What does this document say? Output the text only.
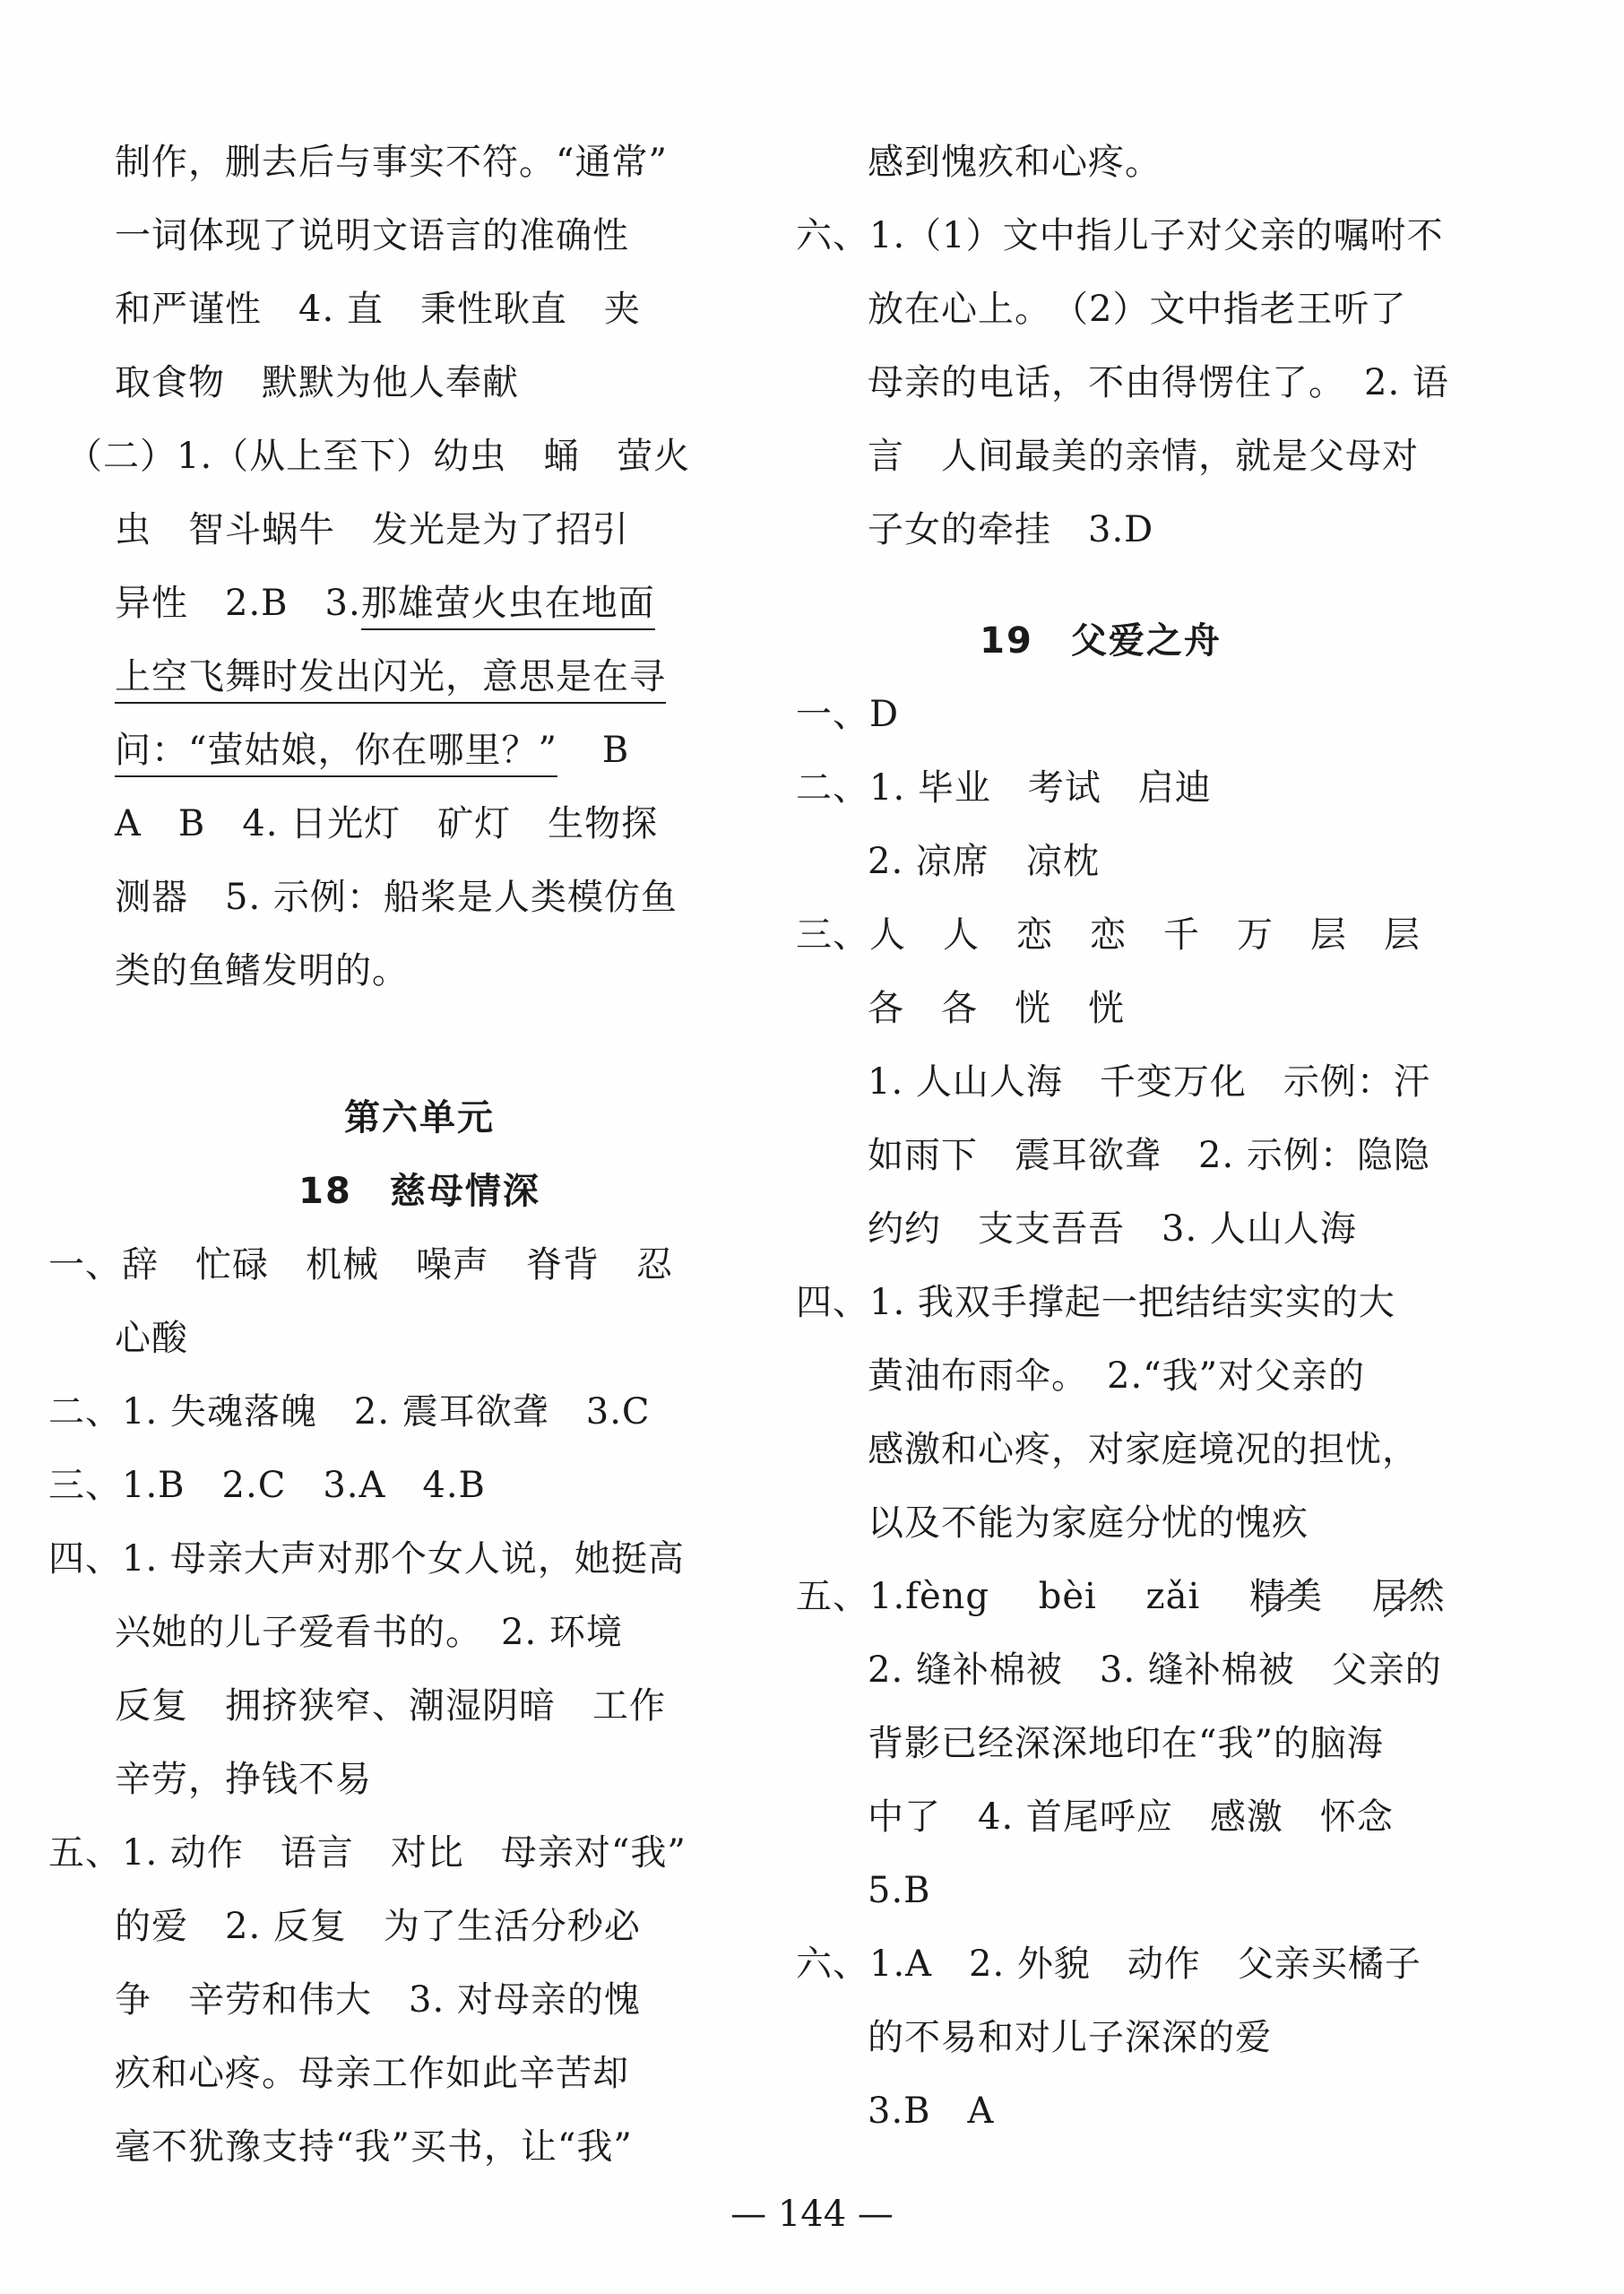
制作，删去后与事实不符。“通常”
一词体现了说明文语言的准确性
和严谨性　4. 直　秉性耿直　夹
取食物　默默为他人奉献
（二） 1.（从上至下）幼虫　蛹　萤火
虫　智斗蜗牛　发光是为了招引
异性　2.B　3.那雄萤火虫在地面
上空飞舞时发出闪光，意思是在寻
问：“萤姑娘，你在哪里？” B
A　B　4. 日光灯　矿灯　生物探
测器　5. 示例：船桨是人类模仿鱼
类的鱼鳍发明的。
第六单元
18　慈母情深
一、 辞　忙碌　机械　噪声　脊背　忍
心酸
二、 1. 失魂落魄　2. 震耳欲聋　3.C
三、 1.B　2.C　3.A　4.B
四、 1. 母亲大声对那个女人说，她挺高
兴她的儿子爱看书的。　2. 环境
反复　拥挤狭窄、潮湿阴暗　工作
辛劳，挣钱不易
五、 1. 动作　语言　对比　母亲对“我”
的爱　2. 反复　为了生活分秒必
争　辛劳和伟大　3. 对母亲的愧
疚和心疼。母亲工作如此辛苦却
毫不犹豫支持“我”买书，让“我”
感到愧疚和心疼。
六、 1.（1）文中指儿子对父亲的嘱咐不
放在心上。　（2）文中指老王听了
母亲的电话，不由得愣住了。　2. 语
言　人间最美的亲情，就是父母对
子女的牵挂　3.D
19　父爱之舟
一、 D
二、 1. 毕业　考试　启迪
2. 凉席　凉枕
三、 人　人　恋　恋　千　万　层　层
各　各　恍　恍
1. 人山人海　千变万化　示例：汗
如雨下　震耳欲聋　2. 示例：隐隐
约约　支支吾吾　3. 人山人海
四、 1. 我双手撑起一把结结实实的大
黄油布雨伞。　2.“我”对父亲的
感激和心疼，对家庭境况的担忧，
以及不能为家庭分忧的愧疚
五、 1.fèng　 bèi　 zǎi　 精美　 居然
2. 缝补棉被　3. 缝补棉被　父亲的
背影已经深深地印在“我”的脑海
中了　4. 首尾呼应　感激　怀念
5.B
六、 1.A　2. 外貌　动作　父亲买橘子
的不易和对儿子深深的爱
3.B　A
— 144 —
